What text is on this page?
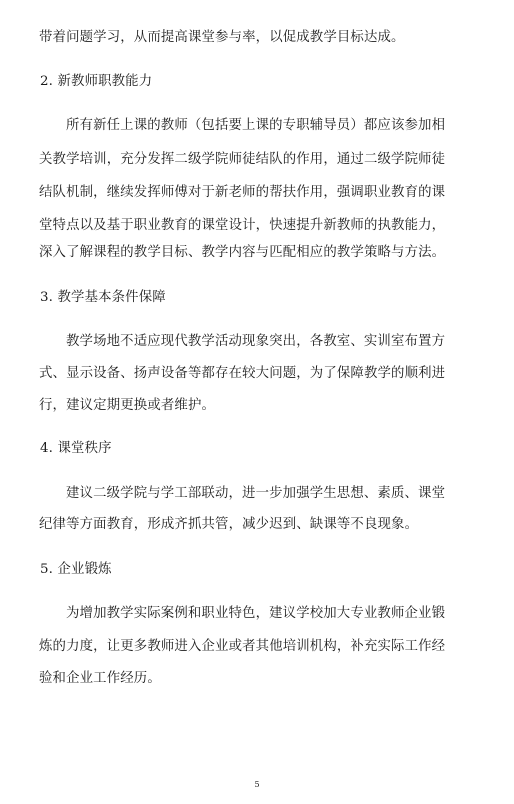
带着问题学习，从而提高课堂参与率，以促成教学目标达成。
2. 新教师职教能力
所有新任上课的教师（包括要上课的专职辅导员）都应该参加相
关教学培训，充分发挥二级学院师徒结队的作用，通过二级学院师徒
结队机制，继续发挥师傅对于新老师的帮扶作用，强调职业教育的课
堂特点以及基于职业教育的课堂设计，快速提升新教师的执教能力，
深入了解课程的教学目标、教学内容与匹配相应的教学策略与方法。
3. 教学基本条件保障
教学场地不适应现代教学活动现象突出，各教室、实训室布置方
式、显示设备、扬声设备等都存在较大问题，为了保障教学的顺利进
行，建议定期更换或者维护。
4. 课堂秩序
建议二级学院与学工部联动，进一步加强学生思想、素质、课堂
纪律等方面教育，形成齐抓共管，减少迟到、缺课等不良现象。
5. 企业锻炼
为增加教学实际案例和职业特色，建议学校加大专业教师企业锻
炼的力度，让更多教师进入企业或者其他培训机构，补充实际工作经
验和企业工作经历。
5
